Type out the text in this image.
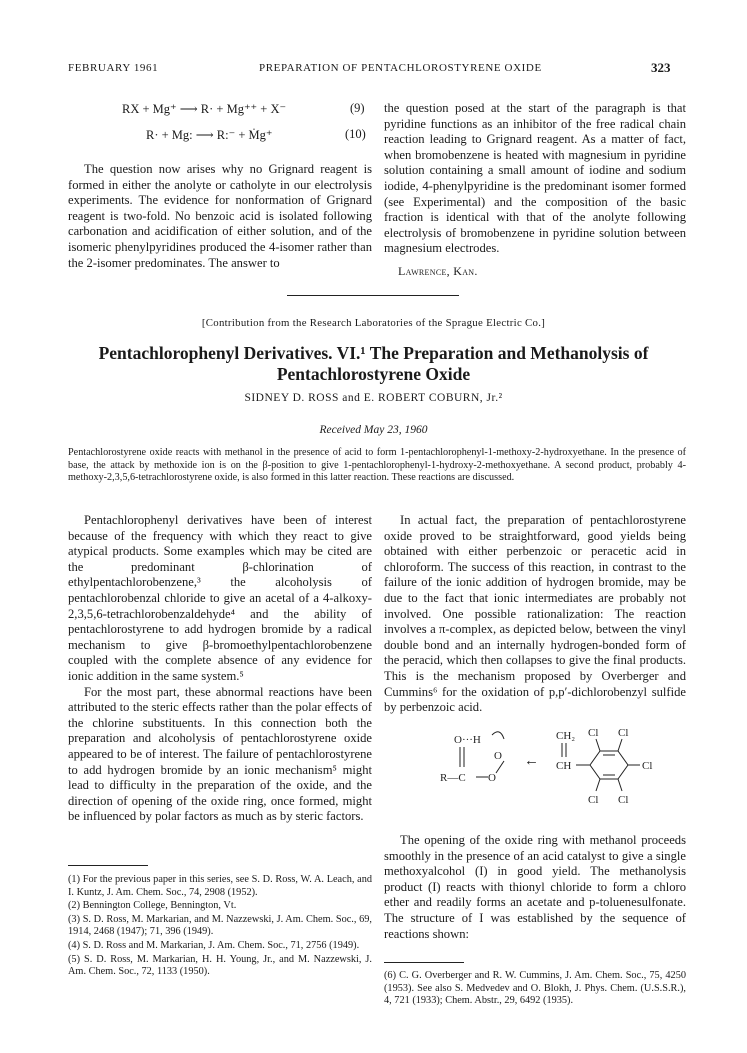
FEBRUARY 1961	PREPARATION OF PENTACHLOROSTYRENE OXIDE	323
RX + Mg⁺ ⟶ R· + Mg⁺⁺ + X⁻	(9)
R· + Mg: ⟶ R:⁻ + Ṁg⁺	(10)

The question now arises why no Grignard reagent is formed in either the anolyte or catholyte in our electrolysis experiments. The evidence for nonformation of Grignard reagent is two-fold. No benzoic acid is isolated following carbonation and acidification of either solution, and of the isomeric phenylpyridines produced the 4-isomer rather than the 2-isomer predominates. The answer to

the question posed at the start of the paragraph is that pyridine functions as an inhibitor of the free radical chain reaction leading to Grignard reagent. As a matter of fact, when bromobenzene is heated with magnesium in pyridine solution containing a small amount of iodine and sodium iodide, 4-phenylpyridine is the predominant isomer formed (see Experimental) and the composition of the basic fraction is identical with that of the anolyte following electrolysis of bromobenzene in pyridine solution between magnesium electrodes.

Lawrence, Kan.
[Contribution from the Research Laboratories of the Sprague Electric Co.]
Pentachlorophenyl Derivatives. VI.¹ The Preparation and Methanolysis of
Pentachlorostyrene Oxide
SIDNEY D. ROSS and E. ROBERT COBURN, Jr.²
Received May 23, 1960

Pentachlorostyrene oxide reacts with methanol in the presence of acid to form 1-pentachlorophenyl-1-methoxy-2-hydroxyethane. In the presence of base, the attack by methoxide ion is on the β-position to give 1-pentachlorophenyl-1-hydroxy-2-methoxyethane. A second product, probably 4-methoxy-2,3,5,6-tetrachlorostyrene oxide, is also formed in this latter reaction. These reactions are discussed.

Pentachlorophenyl derivatives have been of interest because of the frequency with which they react to give atypical products. Some examples which may be cited are the predominant β-chlorination of ethylpentachlorobenzene,³ the alcoholysis of pentachlorobenzal chloride to give an acetal of a 4-alkoxy-2,3,5,6-tetrachlorobenzaldehyde⁴ and the ability of pentachlorostyrene to add hydrogen bromide by a radical mechanism to give β-bromoethylpentachlorobenzene coupled with the complete absence of any evidence for ionic addition in the same system.⁵

For the most part, these abnormal reactions have been attributed to the steric effects rather than the polar effects of the chlorine substituents. In this connection both the preparation and alcoholysis of pentachlorostyrene oxide appeared to be of interest. The failure of pentachlorostyrene to add hydrogen bromide by an ionic mechanism⁵ might lead to difficulty in the preparation of the oxide, and the direction of opening of the oxide ring, once formed, might be influenced by polar factors as much as by steric factors.

(1) For the previous paper in this series, see S. D. Ross, W. A. Leach, and I. Kuntz, J. Am. Chem. Soc., 74, 2908 (1952).

(2) Bennington College, Bennington, Vt.

(3) S. D. Ross, M. Markarian, and M. Nazzewski, J. Am. Chem. Soc., 69, 1914, 2468 (1947); 71, 396 (1949).

(4) S. D. Ross and M. Markarian, J. Am. Chem. Soc., 71, 2756 (1949).

(5) S. D. Ross, M. Markarian, H. H. Young, Jr., and M. Nazzewski, J. Am. Chem. Soc., 72, 1133 (1950).

In actual fact, the preparation of pentachlorostyrene oxide proved to be straightforward, good yields being obtained with either perbenzoic or peracetic acid in chloroform. The success of this reaction, in contrast to the failure of the ionic addition of hydrogen bromide, may be due to the fact that ionic intermediates are probably not involved. One possible rationalization: The reaction involves a π-complex, as depicted below, between the vinyl double bond and an internally hydrogen-bonded form of the peracid, which then collapses to give the final products. This is the mechanism proposed by Overberger and Cummins⁶ for the oxidation of p,p′-dichlorobenzyl sulfide by perbenzoic acid.

O···H
O
R—C O
←
CH₂
CH
Cl Cl
Cl
Cl Cl

The opening of the oxide ring with methanol proceeds smoothly in the presence of an acid catalyst to give a single methoxyalcohol (I) in good yield. The methanolysis product (I) reacts with thionyl chloride to form a chloro ether and readily forms an acetate and p-toluenesulfonate. The structure of I was established by the sequence of reactions shown:

(6) C. G. Overberger and R. W. Cummins, J. Am. Chem. Soc., 75, 4250 (1953). See also S. Medvedev and O. Blokh, J. Phys. Chem. (U.S.S.R.), 4, 721 (1933); Chem. Abstr., 29, 6492 (1935).
